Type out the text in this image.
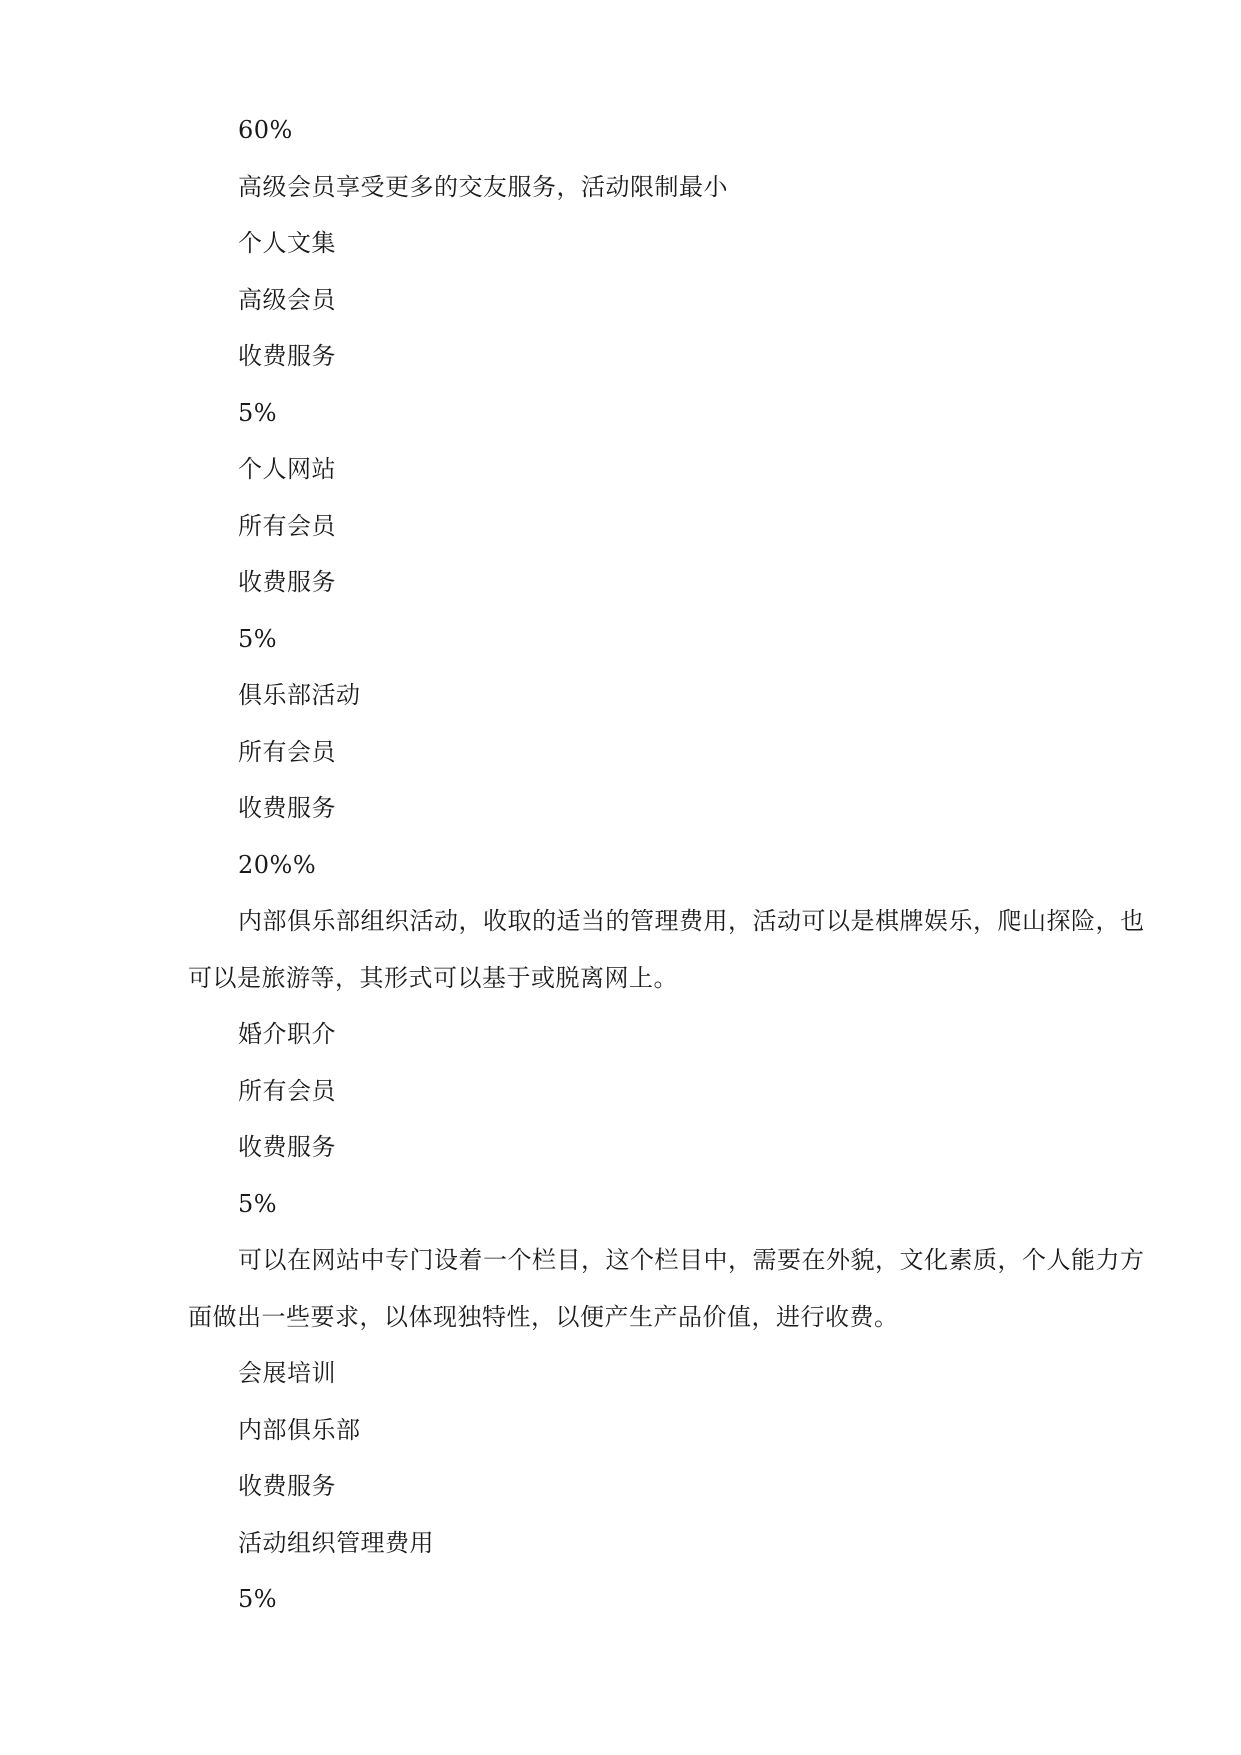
60%

高级会员享受更多的交友服务，活动限制最小

个人文集

高级会员

收费服务

5%

个人网站

所有会员

收费服务

5%

俱乐部活动

所有会员

收费服务

20%%

内部俱乐部组织活动，收取的适当的管理费用，活动可以是棋牌娱乐，爬山探险，也可以是旅游等，其形式可以基于或脱离网上。

婚介职介

所有会员

收费服务

5%

可以在网站中专门设着一个栏目，这个栏目中，需要在外貌，文化素质，个人能力方面做出一些要求，以体现独特性，以便产生产品价值，进行收费。

会展培训

内部俱乐部

收费服务

活动组织管理费用

5%
